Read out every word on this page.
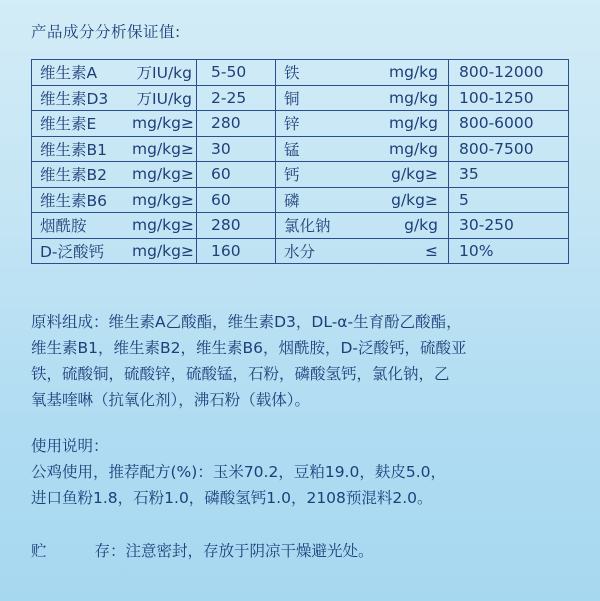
产品成分分析保证值:
维生素A	万IU/kg	5-50	铁	mg/kg	800-12000
维生素D3	万IU/kg	2-25	铜	mg/kg	100-1250
维生素E	mg/kg≥	280	锌	mg/kg	800-6000
维生素B1	mg/kg≥	30	锰	mg/kg	800-7500
维生素B2	mg/kg≥	60	钙	g/kg≥	35
维生素B6	mg/kg≥	60	磷	g/kg≥	5
烟酰胺	mg/kg≥	280	氯化钠	g/kg	30-250
D-泛酸钙	mg/kg≥	160	水分	≤	10%
原料组成：维生素A乙酸酯，维生素D3，DL-α-生育酚乙酸酯，
维生素B1，维生素B2，维生素B6，烟酰胺，D-泛酸钙，硫酸亚
铁，硫酸铜，硫酸锌，硫酸锰，石粉，磷酸氢钙，氯化钠，乙
氧基喹啉（抗氧化剂），沸石粉（载体）。
使用说明：
公鸡使用，推荐配方(%)：玉米70.2，豆粕19.0，麸皮5.0，
进口鱼粉1.8，石粉1.0，磷酸氢钙1.0，2108预混料2.0。
贮	存：注意密封，存放于阴凉干燥避光处。
